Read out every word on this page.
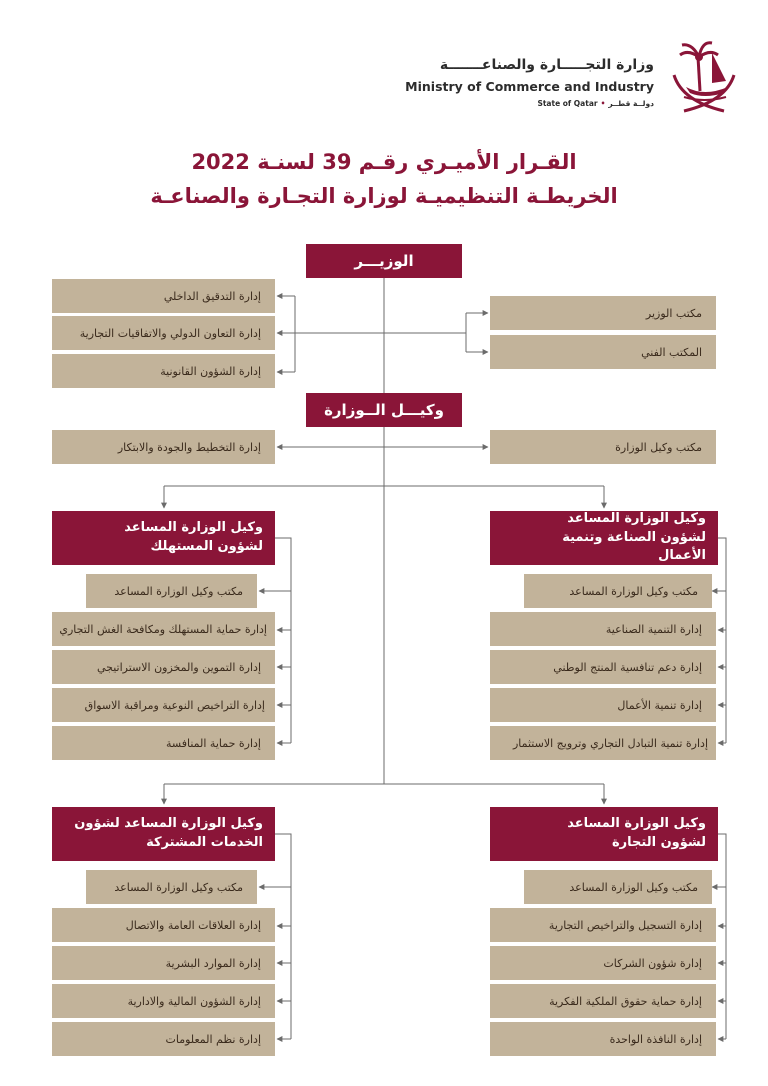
وزارة التجـــــارة والصناعـــــــة
Ministry of Commerce and Industry
State of Qatar • دولــة قطــر
القـرار الأميـري رقـم 39 لسنـة 2022
الخريطـة التنظيميـة لوزارة التجـارة والصناعـة
الوزيـــر
إدارة التدقيق الداخلي
إدارة التعاون الدولي والاتفاقيات التجارية
إدارة الشؤون القانونية
مكتب الوزير
المكتب الفني
وكيـــل الــوزارة
إدارة التخطيط والجودة والابتكار	مكتب وكيل الوزارة
وكيل الوزارة المساعد لشؤون الصناعة وتنمية الأعمال
مكتب وكيل الوزارة المساعد
إدارة التنمية الصناعية
إدارة دعم تنافسية المنتج الوطني
إدارة تنمية الأعمال
إدارة تنمية التبادل التجاري وترويج الاستثمار
وكيل الوزارة المساعد لشؤون المستهلك
مكتب وكيل الوزارة المساعد
إدارة حماية المستهلك ومكافحة الغش التجاري
إدارة التموين والمخزون الاستراتيجي
إدارة التراخيص النوعية ومراقبة الاسواق
إدارة حماية المنافسة
وكيل الوزارة المساعد لشؤون التجارة
مكتب وكيل الوزارة المساعد
إدارة التسجيل والتراخيص التجارية
إدارة شؤون الشركات
إدارة حماية حقوق الملكية الفكرية
إدارة النافذة الواحدة
وكيل الوزارة المساعد لشؤون الخدمات المشتركة
مكتب وكيل الوزارة المساعد
إدارة العلاقات العامة والاتصال
إدارة الموارد البشرية
إدارة الشؤون المالية والادارية
إدارة نظم المعلومات
